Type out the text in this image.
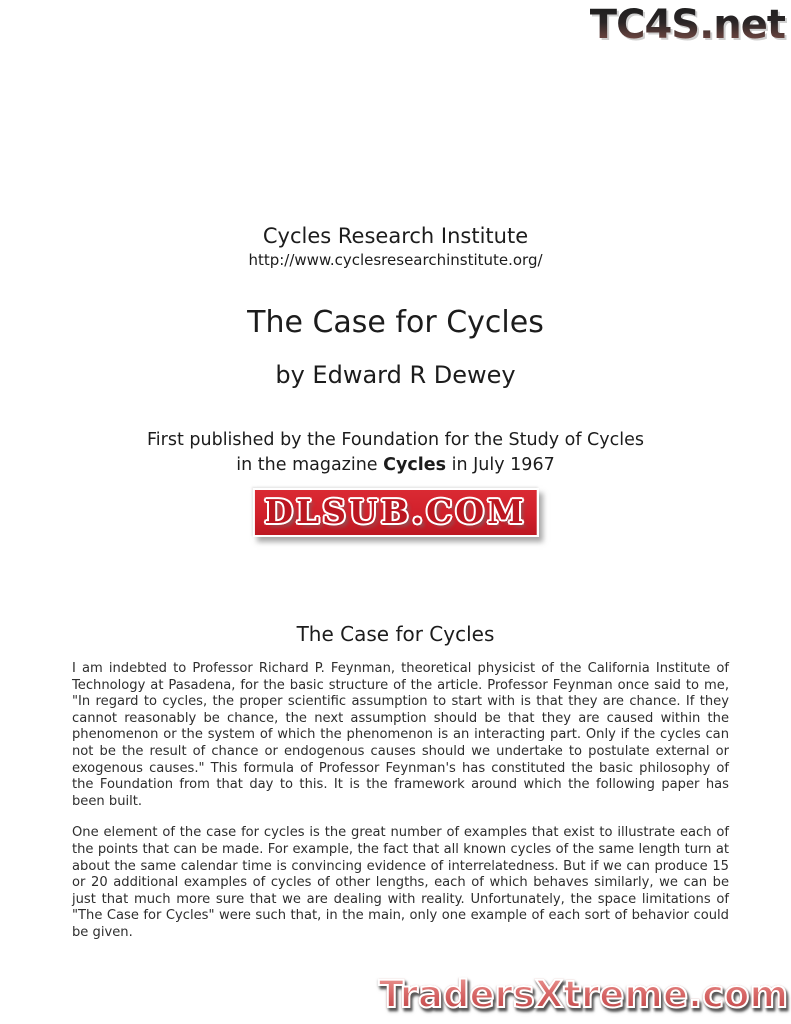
TC4S.net
Cycles Research Institute
http://www.cyclesresearchinstitute.org/
The Case for Cycles
by Edward R Dewey
First published by the Foundation for the Study of Cycles
in the magazine Cycles in July 1967
DLSUB.COM
The Case for Cycles

I am indebted to Professor Richard P. Feynman, theoretical physicist of the California Institute of Technology at Pasadena, for the basic structure of the article. Professor Feynman once said to me, "In regard to cycles, the proper scientific assumption to start with is that they are chance. If they cannot reasonably be chance, the next assumption should be that they are caused within the phenomenon or the system of which the phenomenon is an interacting part. Only if the cycles can not be the result of chance or endogenous causes should we undertake to postulate external or exogenous causes." This formula of Professor Feynman's has constituted the basic philosophy of the Foundation from that day to this. It is the framework around which the following paper has been built.

One element of the case for cycles is the great number of examples that exist to illustrate each of the points that can be made. For example, the fact that all known cycles of the same length turn at about the same calendar time is convincing evidence of interrelatedness. But if we can produce 15 or 20 additional examples of cycles of other lengths, each of which behaves similarly, we can be just that much more sure that we are dealing with reality. Unfortunately, the space limitations of "The Case for Cycles" were such that, in the main, only one example of each sort of behavior could be given.

TradersXtreme.com
